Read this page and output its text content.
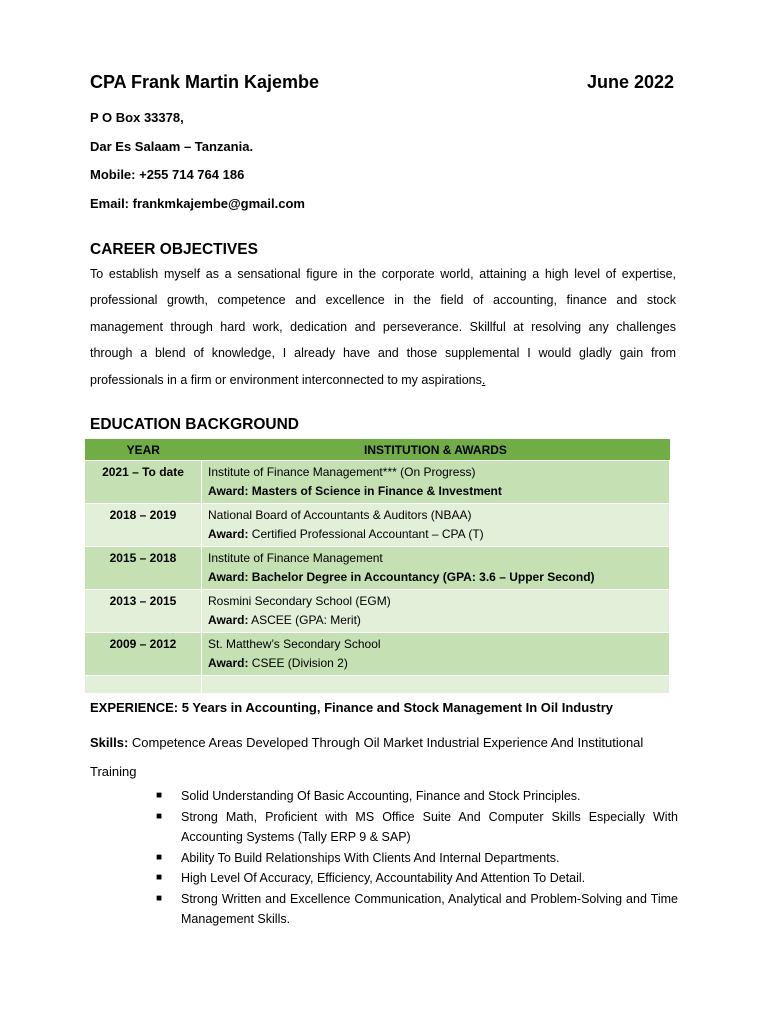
CPA Frank Martin Kajembe	June 2022
P O Box 33378,
Dar Es Salaam – Tanzania.
Mobile: +255 714 764 186
Email: frankmkajembe@gmail.com
CAREER OBJECTIVES
To establish myself as a sensational figure in the corporate world, attaining a high level of expertise, professional growth, competence and excellence in the field of accounting, finance and stock management through hard work, dedication and perseverance. Skillful at resolving any challenges through a blend of knowledge, I already have and those supplemental I would gladly gain from professionals in a firm or environment interconnected to my aspirations.
EDUCATION BACKGROUND
YEAR	INSTITUTION & AWARDS
2021 – To date	Institute of Finance Management*** (On Progress)
Award: Masters of Science in Finance & Investment

2018 – 2019	National Board of Accountants & Auditors (NBAA)
Award: Certified Professional Accountant – CPA (T)

2015 – 2018	Institute of Finance Management
Award: Bachelor Degree in Accountancy (GPA: 3.6 – Upper Second)

2013 – 2015	Rosmini Secondary School (EGM)
Award: ASCEE (GPA: Merit)

2009 – 2012	St. Matthew’s Secondary School
Award: CSEE (Division 2)

EXPERIENCE: 5 Years in Accounting, Finance and Stock Management In Oil Industry
Skills: Competence Areas Developed Through Oil Market Industrial Experience And Institutional Training
■ Solid Understanding Of Basic Accounting, Finance and Stock Principles.
■ Strong Math, Proficient with MS Office Suite And Computer Skills Especially With Accounting Systems (Tally ERP 9 & SAP)
■ Ability To Build Relationships With Clients And Internal Departments.
■ High Level Of Accuracy, Efficiency, Accountability And Attention To Detail.
■ Strong Written and Excellence Communication, Analytical and Problem-Solving and Time Management Skills.
